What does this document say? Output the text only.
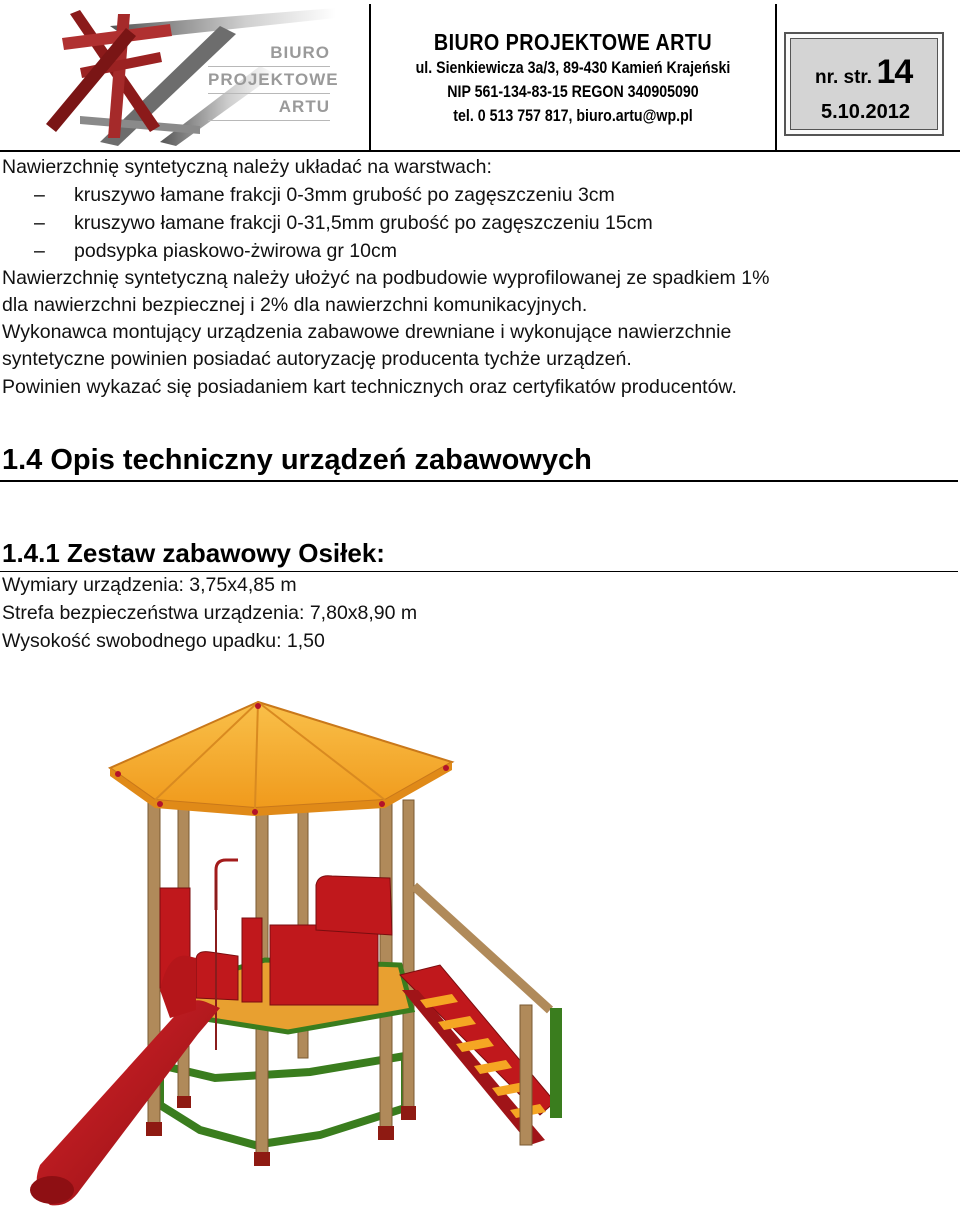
BIURO
PROJEKTOWE
ARTU
BIURO PROJEKTOWE ARTU
ul. Sienkiewicza 3a/3, 89-430 Kamień Krajeński
NIP 561-134-83-15 REGON 340905090
tel. 0 513 757 817, biuro.artu@wp.pl
nr. str. 14
5.10.2012
Nawierzchnię syntetyczną należy układać na warstwach:
– kruszywo łamane frakcji 0-3mm grubość po zagęszczeniu 3cm
– kruszywo łamane frakcji 0-31,5mm grubość po zagęszczeniu 15cm
– podsypka piaskowo-żwirowa gr 10cm
Nawierzchnię syntetyczną należy ułożyć na podbudowie wyprofilowanej ze spadkiem 1%
dla nawierzchni bezpiecznej i 2% dla nawierzchni komunikacyjnych.
Wykonawca montujący urządzenia zabawowe drewniane i wykonujące nawierzchnie
syntetyczne powinien posiadać autoryzację producenta tychże urządzeń.
Powinien wykazać się posiadaniem kart technicznych oraz certyfikatów producentów.
1.4 Opis techniczny urządzeń zabawowych
1.4.1 Zestaw zabawowy Osiłek:
Wymiary urządzenia: 3,75x4,85 m
Strefa bezpieczeństwa urządzenia: 7,80x8,90 m
Wysokość swobodnego upadku: 1,50
